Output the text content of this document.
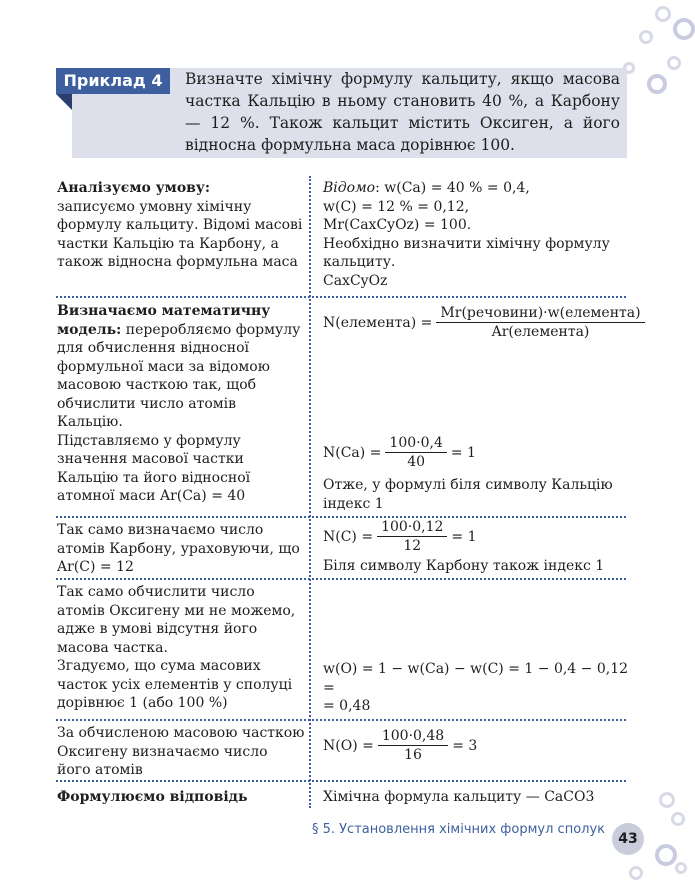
Приклад 4	Визначте хімічну формулу кальциту, якщо масова частка Кальцію в ньому становить 40 %, а Карбону — 12 %. Також кальцит містить Оксиген, а його відносна формульна маса дорівнює 100.
Аналізуємо умову:
записуємо умовну хімічну формулу кальциту. Відомі масові частки Кальцію та Карбону, а також відносна формульна маса
Відомо: w(Ca) = 40 % = 0,4,
w(C) = 12 % = 0,12,
Mr(CaxCyOz) = 100.
Необхідно визначити хімічну формулу кальциту.
CaxCyOz
Визначаємо математичну модель: переробляємо формулу для обчислення відносної формульної маси за відомою масовою часткою так, щоб обчислити число атомів Кальцію.
Підставляємо у формулу значення масової частки Кальцію та його відносної атомної маси Ar(Ca) = 40
N(елемента) = $\frac{\text{Mr(речовини)·w(елемента)}}{\text{Ar(елемента)}}$
$N(Ca) = \frac{100\cdot 0,4}{40} = 1$
Отже, у формулі біля символу Кальцію індекс 1
Так само визначаємо число атомів Карбону, ураховуючи, що Ar(C) = 12
$N(C) = \frac{100\cdot 0,12}{12} = 1$
Біля символу Карбону також індекс 1
Так само обчислити число атомів Оксигену ми не можемо, адже в умові відсутня його масова частка.
Згадуємо, що сума масових часток усіх елементів у сполуці дорівнює 1 (або 100 %)
w(O) = 1 − w(Ca) − w(C) = 1 − 0,4 − 0,12 =
= 0,48
За обчисленою масовою часткою Оксигену визначаємо число його атомів
$N(O) = \frac{100\cdot 0,48}{16} = 3$
Формулюємо відповідь	Хімічна формула кальциту — CaCO3
§ 5. Установлення хімічних формул сполук
43
